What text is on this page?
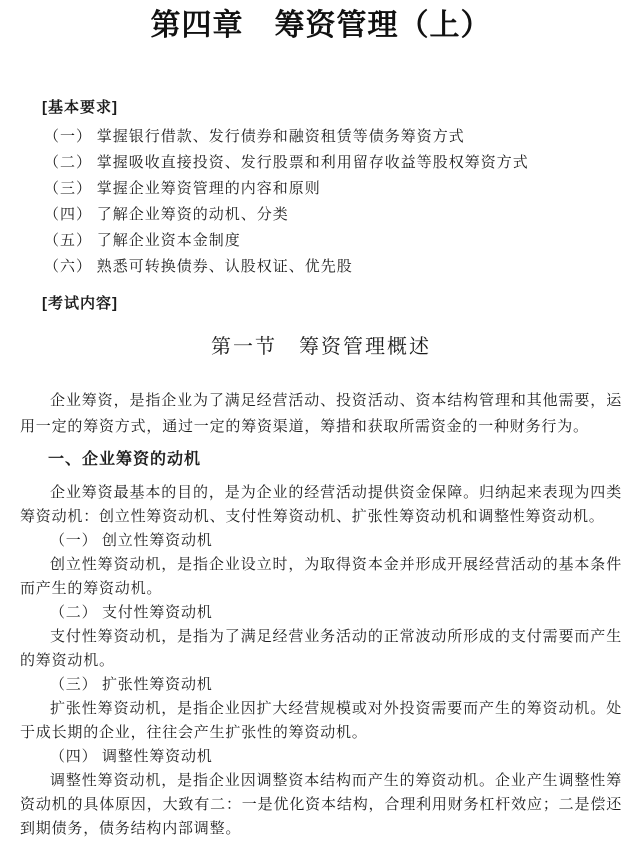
第四章　筹资管理（上）
[基本要求]

（一） 掌握银行借款、发行债券和融资租赁等债务筹资方式

（二） 掌握吸收直接投资、发行股票和利用留存收益等股权筹资方式

（三） 掌握企业筹资管理的内容和原则

（四） 了解企业筹资的动机、分类

（五） 了解企业资本金制度

（六） 熟悉可转换债券、认股权证、优先股

[考试内容]
第一节　筹资管理概述

企业筹资，是指企业为了满足经营活动、投资活动、资本结构管理和其他需要，运用一定的筹资方式，通过一定的筹资渠道，筹措和获取所需资金的一种财务行为。

一、企业筹资的动机

企业筹资最基本的目的，是为企业的经营活动提供资金保障。归纳起来表现为四类筹资动机：创立性筹资动机、支付性筹资动机、扩张性筹资动机和调整性筹资动机。

（一） 创立性筹资动机

创立性筹资动机，是指企业设立时，为取得资本金并形成开展经营活动的基本条件而产生的筹资动机。

（二） 支付性筹资动机

支付性筹资动机，是指为了满足经营业务活动的正常波动所形成的支付需要而产生的筹资动机。

（三） 扩张性筹资动机

扩张性筹资动机，是指企业因扩大经营规模或对外投资需要而产生的筹资动机。处于成长期的企业，往往会产生扩张性的筹资动机。

（四） 调整性筹资动机

调整性筹资动机，是指企业因调整资本结构而产生的筹资动机。企业产生调整性筹资动机的具体原因，大致有二：一是优化资本结构，合理利用财务杠杆效应；二是偿还到期债务，债务结构内部调整。
